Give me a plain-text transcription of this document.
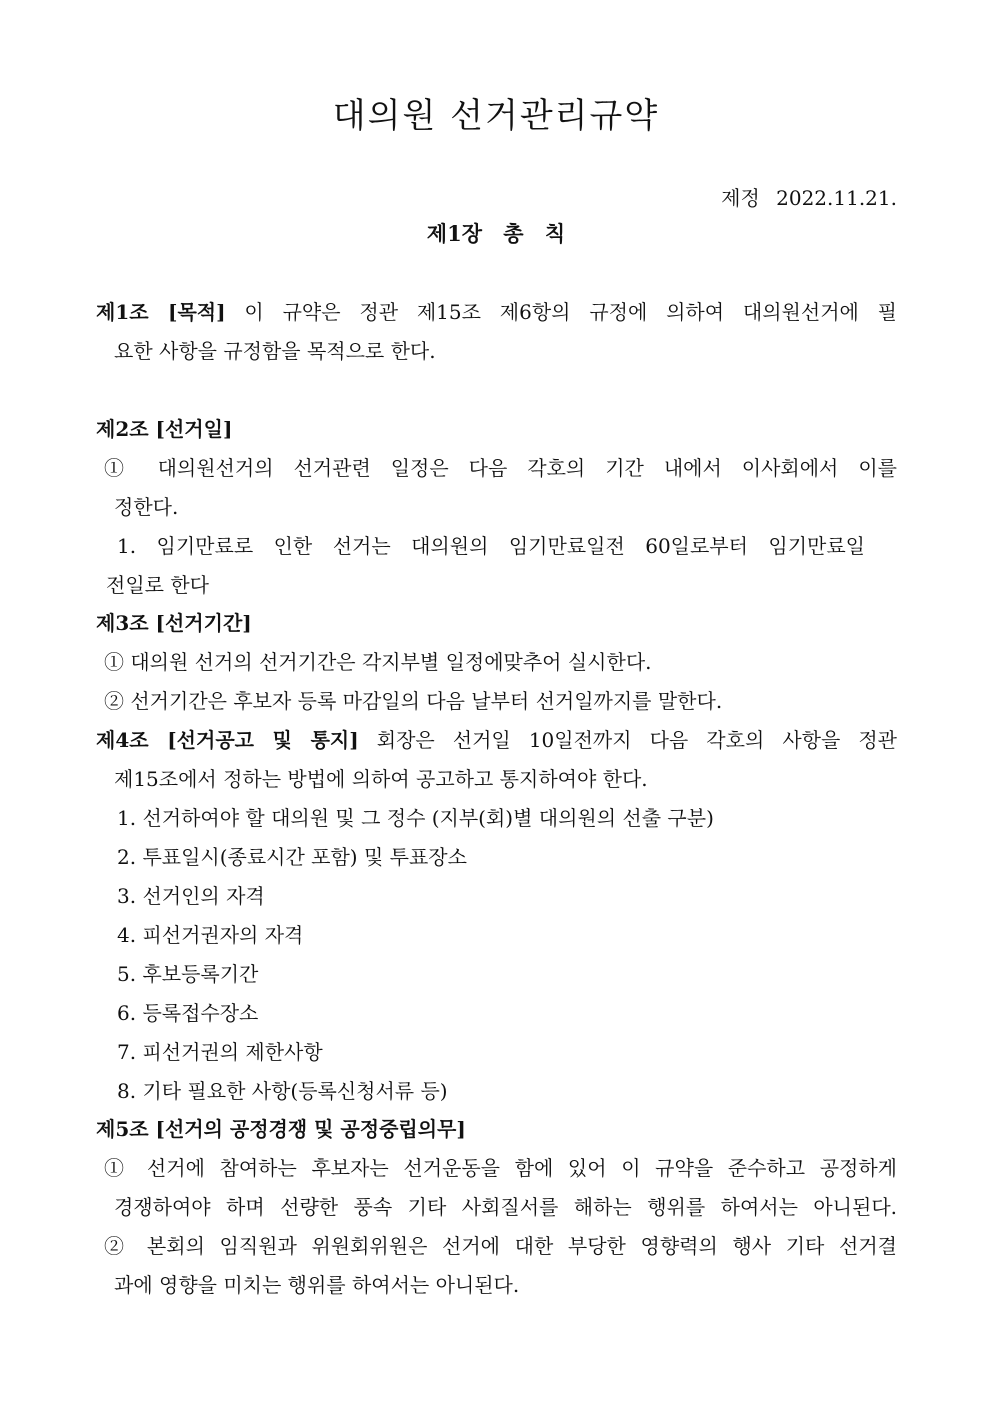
대의원 선거관리규약
제정 2022.11.21.
제1장 총 칙
제1조 [목적] 이 규약은 정관 제15조 제6항의 규정에 의하여 대의원선거에 필
요한 사항을 규정함을 목적으로 한다.
제2조 [선거일]
① 대의원선거의 선거관련 일정은 다음 각호의 기간 내에서 이사회에서 이를
정한다.
1. 임기만료로 인한 선거는 대의원의 임기만료일전 60일로부터 임기만료일
전일로 한다
제3조 [선거기간]
① 대의원 선거의 선거기간은 각지부별 일정에맞추어 실시한다.
② 선거기간은 후보자 등록 마감일의 다음 날부터 선거일까지를 말한다.
제4조 [선거공고 및 통지] 회장은 선거일 10일전까지 다음 각호의 사항을 정관
제15조에서 정하는 방법에 의하여 공고하고 통지하여야 한다.
1. 선거하여야 할 대의원 및 그 정수 (지부(회)별 대의원의 선출 구분)
2. 투표일시(종료시간 포함) 및 투표장소
3. 선거인의 자격
4. 피선거권자의 자격
5. 후보등록기간
6. 등록접수장소
7. 피선거권의 제한사항
8. 기타 필요한 사항(등록신청서류 등)
제5조 [선거의 공정경쟁 및 공정중립의무]
① 선거에 참여하는 후보자는 선거운동을 함에 있어 이 규약을 준수하고 공정하게
경쟁하여야 하며 선량한 풍속 기타 사회질서를 해하는 행위를 하여서는 아니된다.
② 본회의 임직원과 위원회위원은 선거에 대한 부당한 영향력의 행사 기타 선거결
과에 영향을 미치는 행위를 하여서는 아니된다.
